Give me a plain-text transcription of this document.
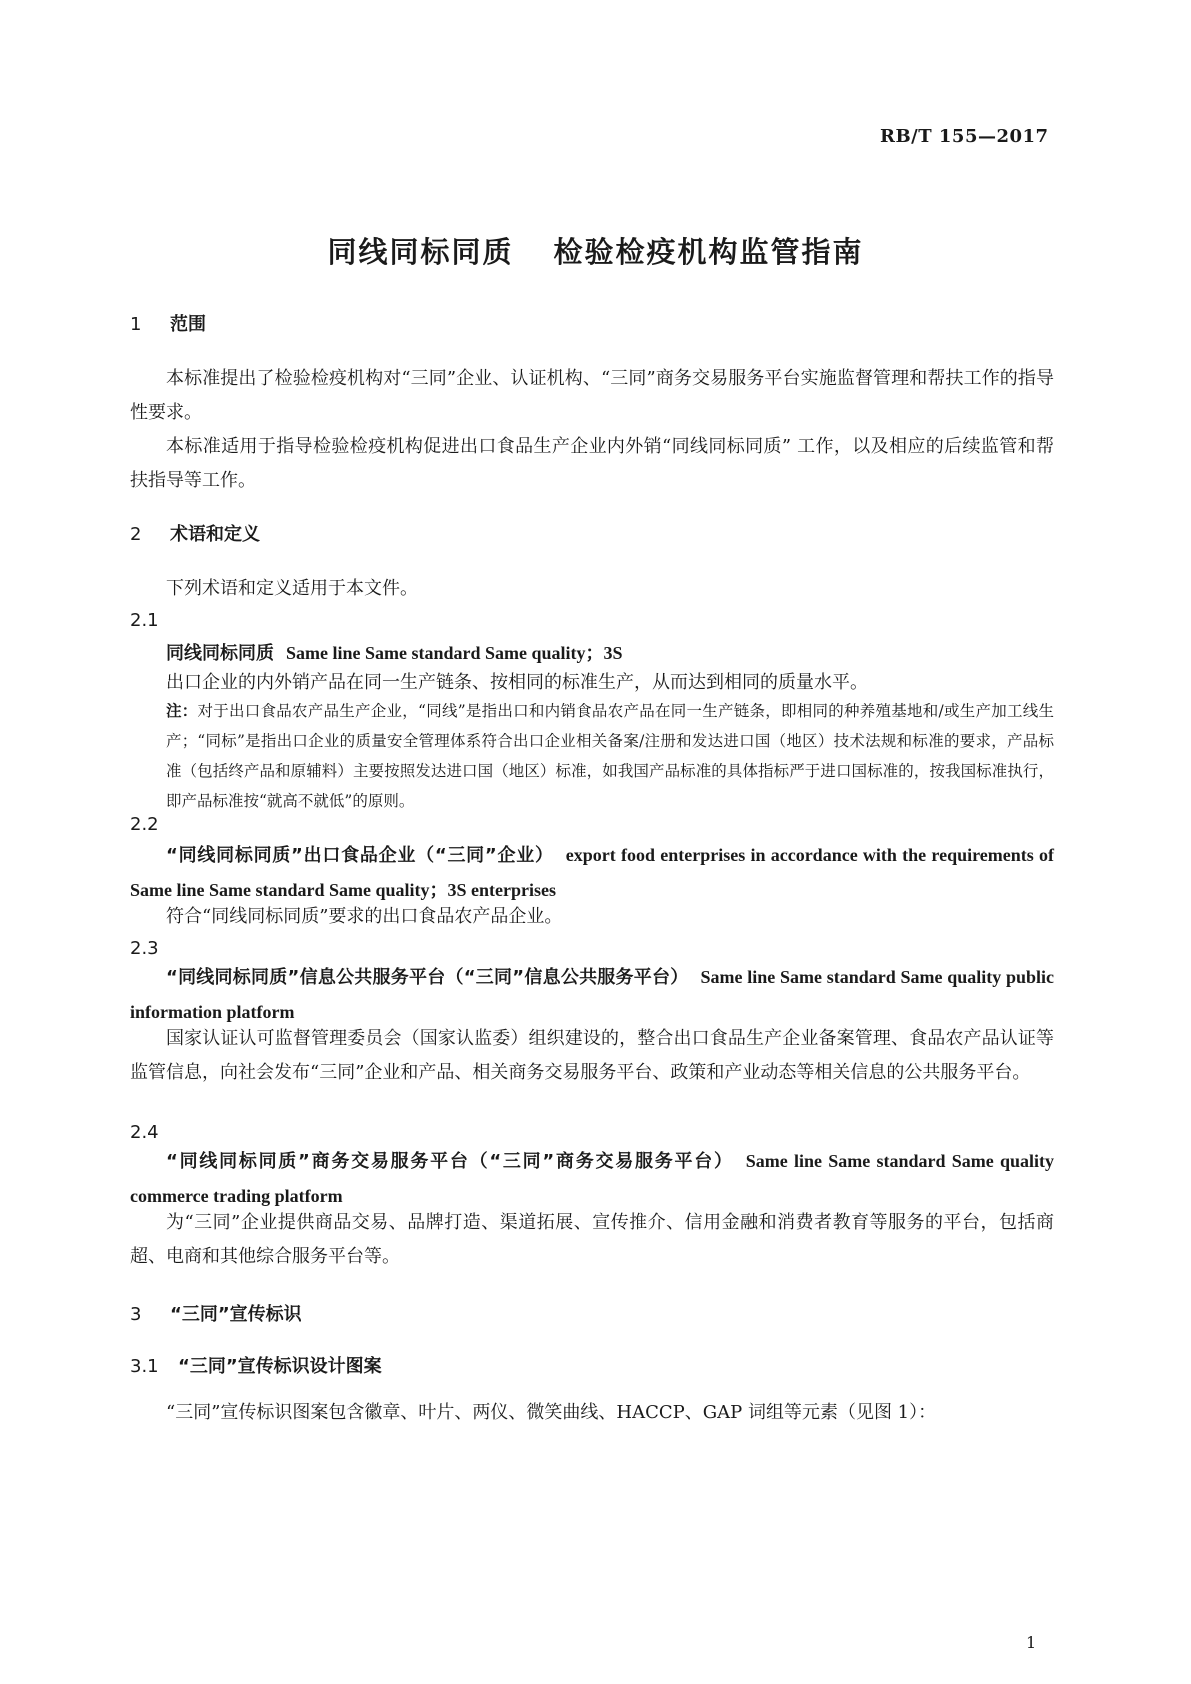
RB/T 155—2017
同线同标同质 检验检疫机构监管指南
1 范围
本标准提出了检验检疫机构对“三同”企业、认证机构、“三同”商务交易服务平台实施监督管理和帮扶工作的指导性要求。
本标准适用于指导检验检疫机构促进出口食品生产企业内外销“同线同标同质” 工作，以及相应的后续监管和帮扶指导等工作。
2 术语和定义
下列术语和定义适用于本文件。
2.1
同线同标同质 Same line Same standard Same quality；3S
出口企业的内外销产品在同一生产链条、按相同的标准生产，从而达到相同的质量水平。
注：对于出口食品农产品生产企业，“同线”是指出口和内销食品农产品在同一生产链条，即相同的种养殖基地和/或生产加工线生产；“同标”是指出口企业的质量安全管理体系符合出口企业相关备案/注册和发达进口国（地区）技术法规和标准的要求，产品标准（包括终产品和原辅料）主要按照发达进口国（地区）标准，如我国产品标准的具体指标严于进口国标准的，按我国标准执行，即产品标准按“就高不就低”的原则。
2.2
“同线同标同质”出口食品企业（“三同”企业） export food enterprises in accordance with the requirements of Same line Same standard Same quality；3S enterprises
符合“同线同标同质”要求的出口食品农产品企业。
2.3
“同线同标同质”信息公共服务平台（“三同”信息公共服务平台） Same line Same standard Same quality public information platform
国家认证认可监督管理委员会（国家认监委）组织建设的，整合出口食品生产企业备案管理、食品农产品认证等监管信息，向社会发布“三同”企业和产品、相关商务交易服务平台、政策和产业动态等相关信息的公共服务平台。
2.4
“同线同标同质”商务交易服务平台（“三同”商务交易服务平台） Same line Same standard Same quality commerce trading platform
为“三同”企业提供商品交易、品牌打造、渠道拓展、宣传推介、信用金融和消费者教育等服务的平台，包括商超、电商和其他综合服务平台等。
3 “三同”宣传标识
3.1 “三同”宣传标识设计图案
“三同”宣传标识图案包含徽章、叶片、两仪、微笑曲线、HACCP、GAP 词组等元素（见图 1）：
1
